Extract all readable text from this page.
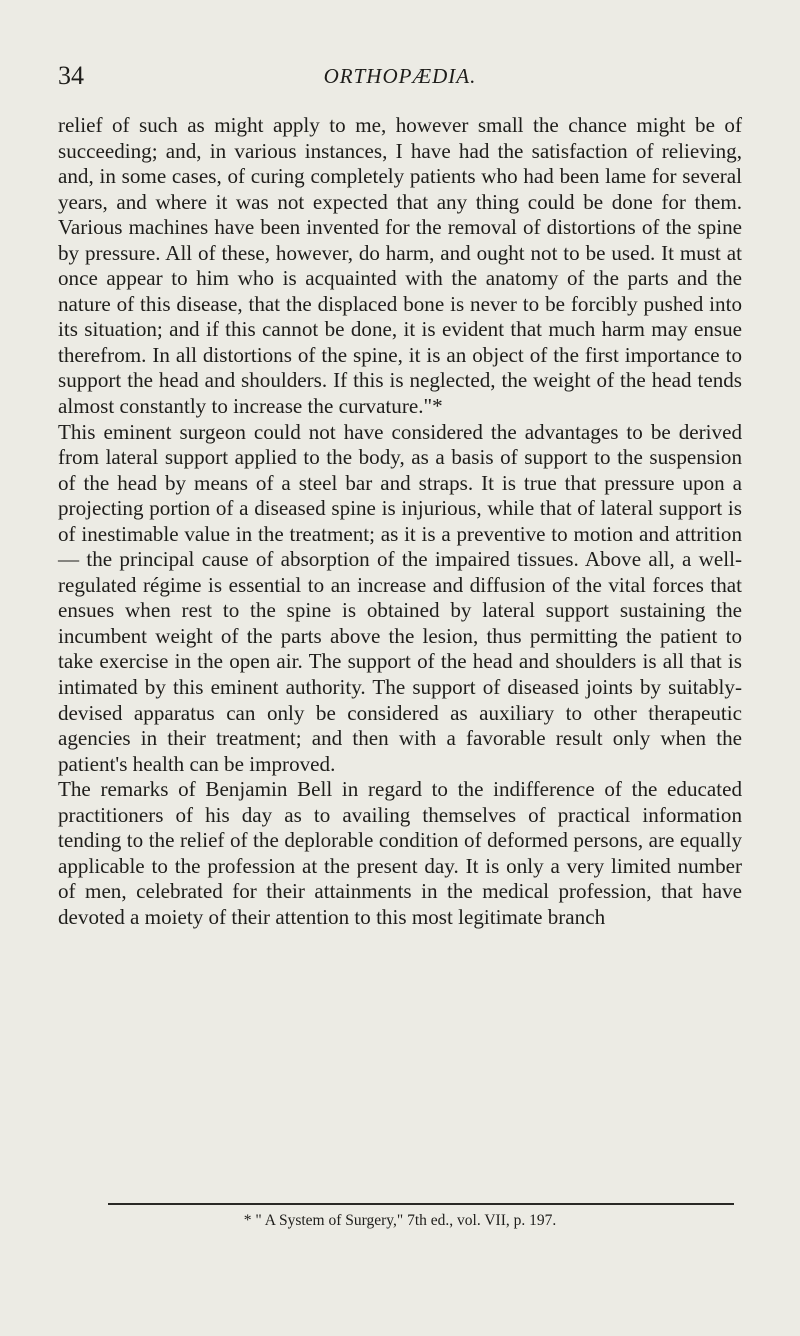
34	ORTHOPÆDIA.

relief of such as might apply to me, however small the chance might be of succeeding; and, in various instances, I have had the satisfaction of relieving, and, in some cases, of curing completely patients who had been lame for several years, and where it was not expected that any thing could be done for them. Various machines have been invented for the removal of distortions of the spine by pressure. All of these, however, do harm, and ought not to be used. It must at once appear to him who is acquainted with the anatomy of the parts and the nature of this disease, that the displaced bone is never to be forcibly pushed into its situation; and if this cannot be done, it is evident that much harm may ensue therefrom. In all distortions of the spine, it is an object of the first importance to support the head and shoulders. If this is neglected, the weight of the head tends almost constantly to increase the curvature."*

This eminent surgeon could not have considered the advantages to be derived from lateral support applied to the body, as a basis of support to the suspension of the head by means of a steel bar and straps. It is true that pressure upon a projecting portion of a diseased spine is injurious, while that of lateral support is of inestimable value in the treatment; as it is a preventive to motion and attrition — the principal cause of absorption of the impaired tissues. Above all, a well-regulated régime is essential to an increase and diffusion of the vital forces that ensues when rest to the spine is obtained by lateral support sustaining the incumbent weight of the parts above the lesion, thus permitting the patient to take exercise in the open air. The support of the head and shoulders is all that is intimated by this eminent authority. The support of diseased joints by suitably-devised apparatus can only be considered as auxiliary to other therapeutic agencies in their treatment; and then with a favorable result only when the patient's health can be improved.

The remarks of Benjamin Bell in regard to the indifference of the educated practitioners of his day as to availing themselves of practical information tending to the relief of the deplorable condition of deformed persons, are equally applicable to the profession at the present day. It is only a very limited number of men, celebrated for their attainments in the medical profession, that have devoted a moiety of their attention to this most legitimate branch

* " A System of Surgery," 7th ed., vol. VII, p. 197.
